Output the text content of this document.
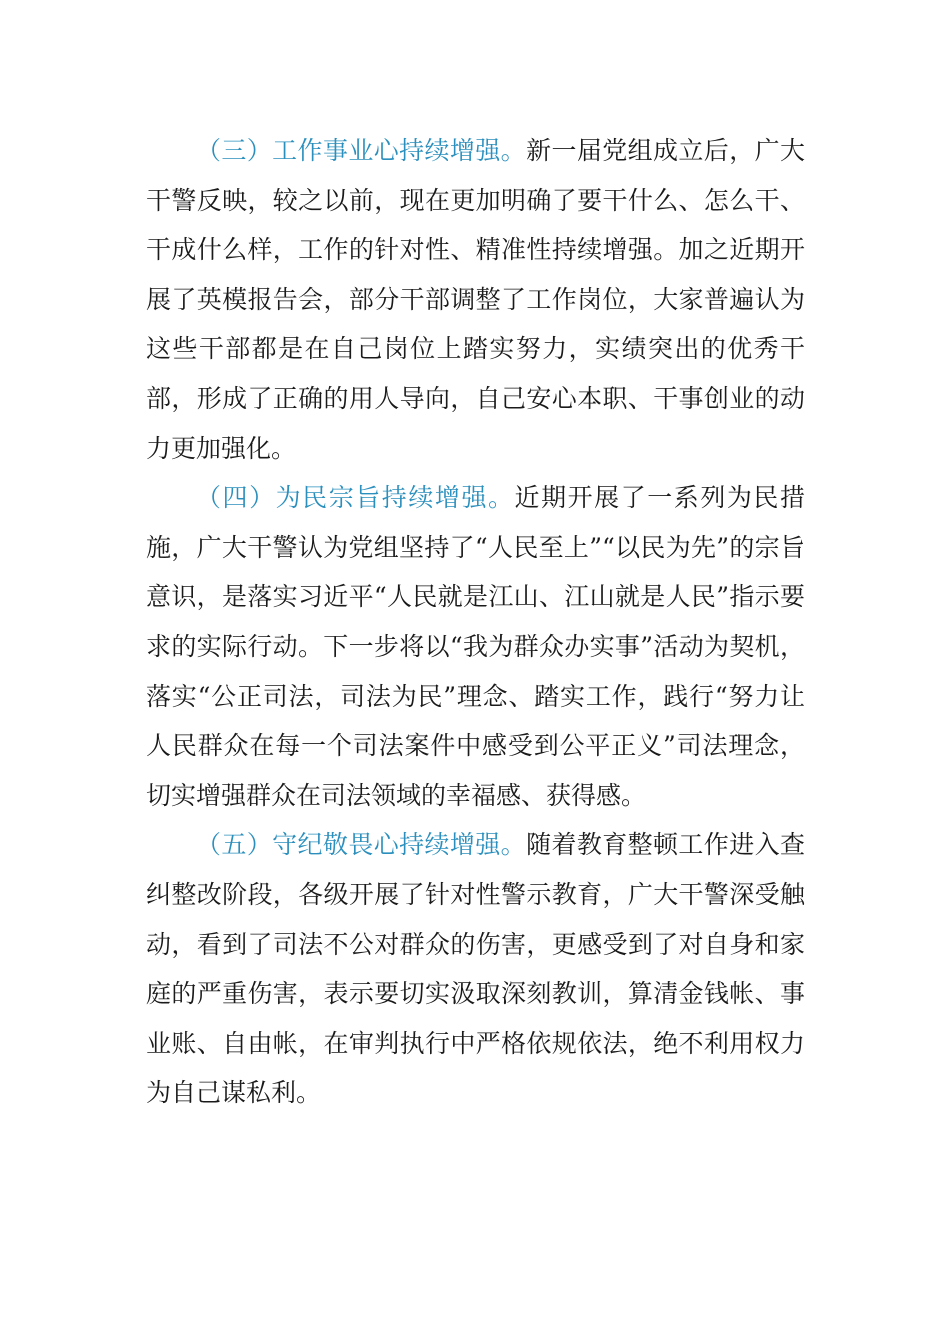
（三）工作事业心持续增强。新一届党组成立后，广大干警反映，较之以前，现在更加明确了要干什么、怎么干、干成什么样，工作的针对性、精准性持续增强。加之近期开展了英模报告会，部分干部调整了工作岗位，大家普遍认为这些干部都是在自己岗位上踏实努力，实绩突出的优秀干部，形成了正确的用人导向，自己安心本职、干事创业的动力更加强化。

（四）为民宗旨持续增强。近期开展了一系列为民措施，广大干警认为党组坚持了“人民至上”“以民为先”的宗旨意识，是落实习近平“人民就是江山、江山就是人民”指示要求的实际行动。下一步将以“我为群众办实事”活动为契机，落实“公正司法，司法为民”理念、踏实工作，践行“努力让人民群众在每一个司法案件中感受到公平正义”司法理念，切实增强群众在司法领域的幸福感、获得感。

（五）守纪敬畏心持续增强。随着教育整顿工作进入查纠整改阶段，各级开展了针对性警示教育，广大干警深受触动，看到了司法不公对群众的伤害，更感受到了对自身和家庭的严重伤害，表示要切实汲取深刻教训，算清金钱帐、事业账、自由帐，在审判执行中严格依规依法，绝不利用权力为自己谋私利。
